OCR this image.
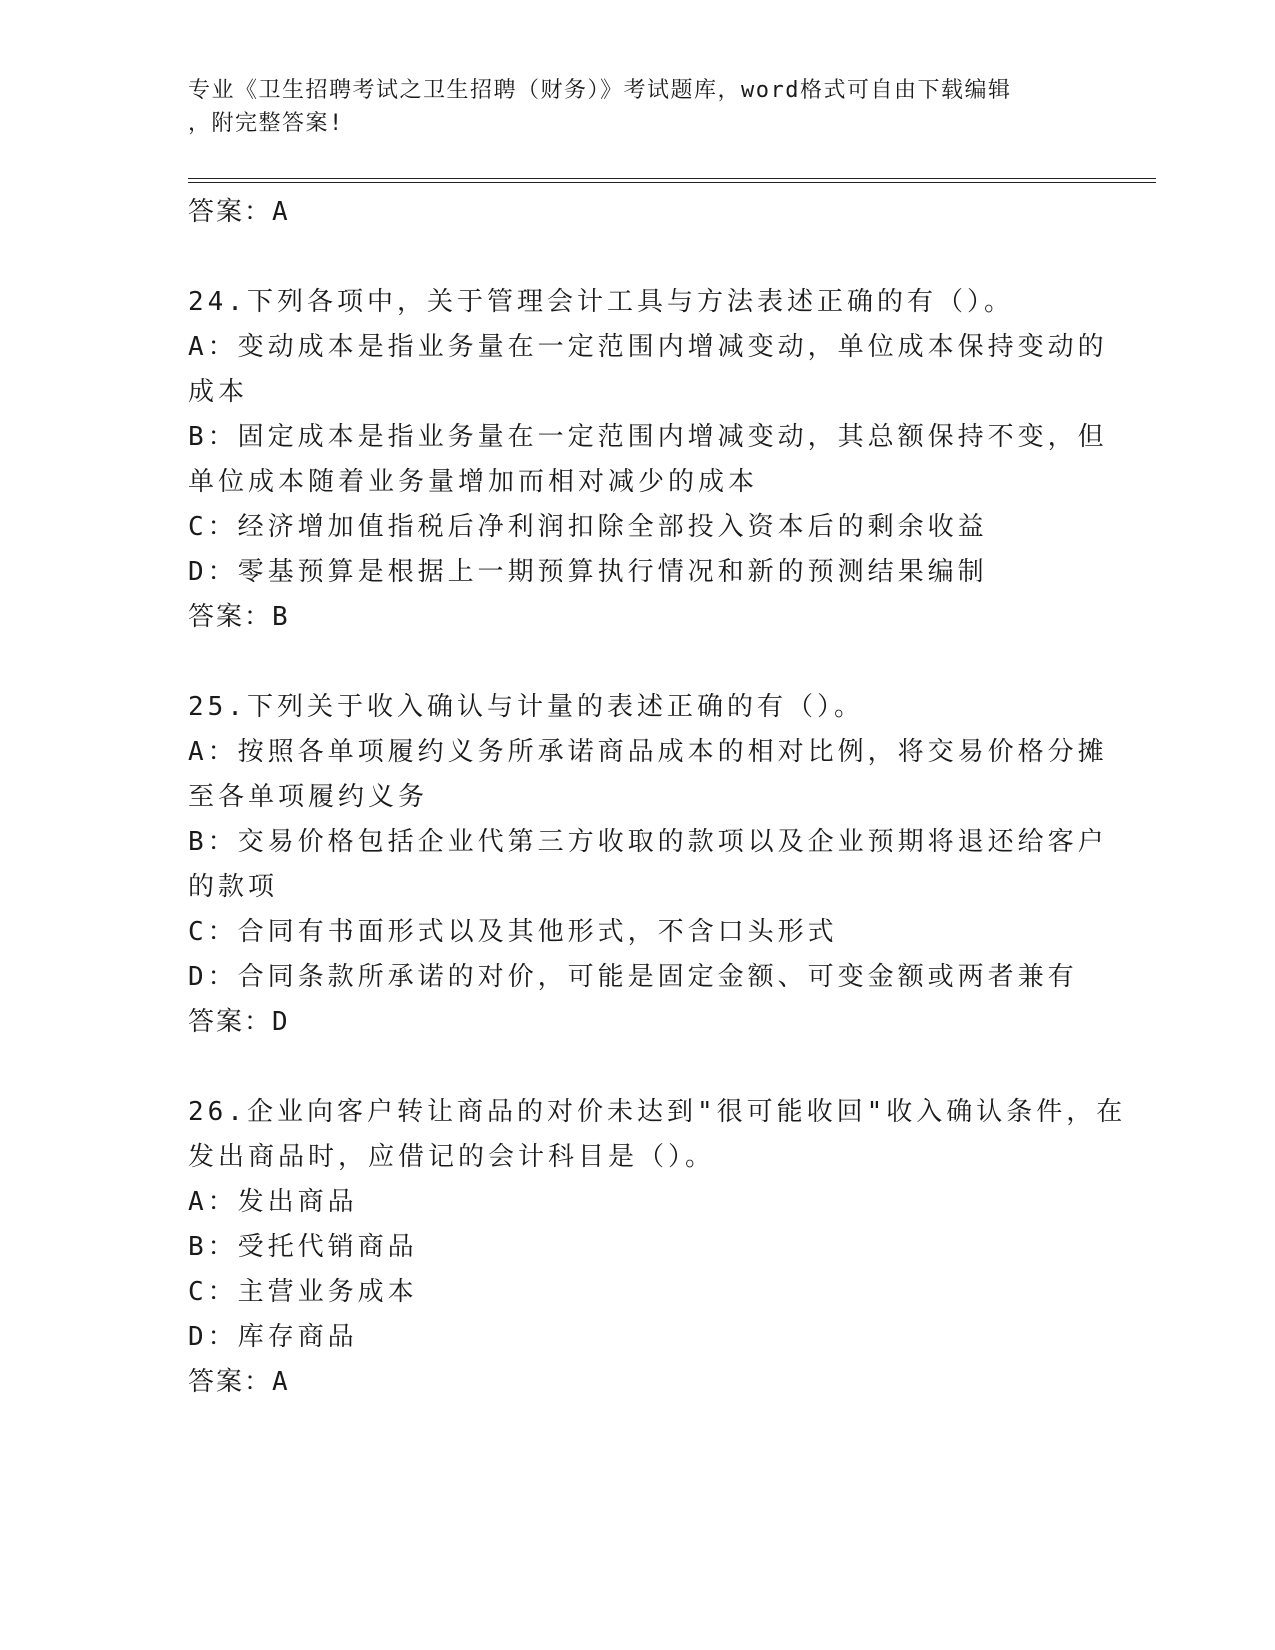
专业《卫生招聘考试之卫生招聘（财务）》考试题库，word格式可自由下载编辑
，附完整答案!
答案：A
24.下列各项中，关于管理会计工具与方法表述正确的有（）。
A：变动成本是指业务量在一定范围内增减变动，单位成本保持变动的
成本
B：固定成本是指业务量在一定范围内增减变动，其总额保持不变，但
单位成本随着业务量增加而相对减少的成本
C：经济增加值指税后净利润扣除全部投入资本后的剩余收益
D：零基预算是根据上一期预算执行情况和新的预测结果编制
答案：B
25.下列关于收入确认与计量的表述正确的有（）。
A：按照各单项履约义务所承诺商品成本的相对比例，将交易价格分摊
至各单项履约义务
B：交易价格包括企业代第三方收取的款项以及企业预期将退还给客户
的款项
C：合同有书面形式以及其他形式，不含口头形式
D：合同条款所承诺的对价，可能是固定金额、可变金额或两者兼有
答案：D
26.企业向客户转让商品的对价未达到"很可能收回"收入确认条件，在
发出商品时，应借记的会计科目是（）。
A：发出商品
B：受托代销商品
C：主营业务成本
D：库存商品
答案：A
